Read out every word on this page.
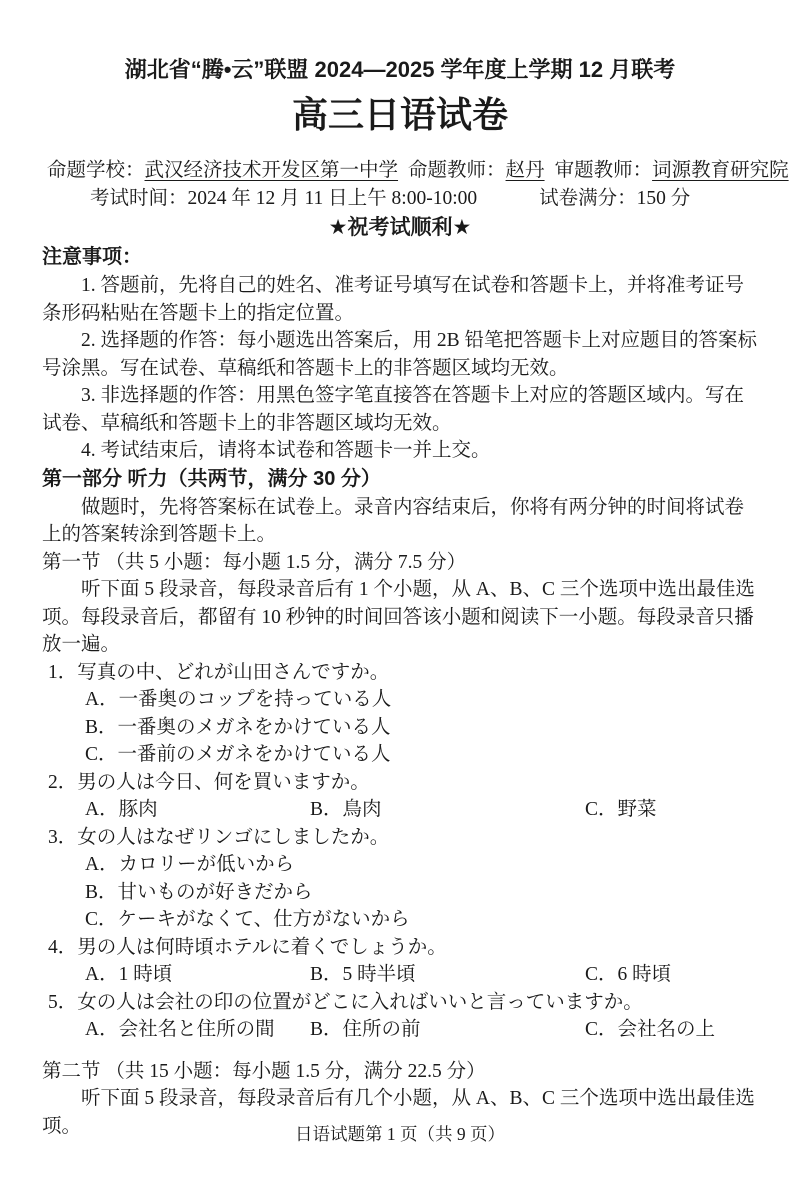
湖北省“腾•云”联盟 2024—2025 学年度上学期 12 月联考
高三日语试卷
命题学校：武汉经济技术开发区第一中学 命题教师：赵丹 审题教师：词源教育研究院
考试时间：2024 年 12 月 11 日上午 8:00-10:00	试卷满分：150 分
★祝考试顺利★
注意事项：

1. 答题前，先将自己的姓名、准考证号填写在试卷和答题卡上，并将准考证号条形码粘贴在答题卡上的指定位置。

2. 选择题的作答：每小题选出答案后，用 2B 铅笔把答题卡上对应题目的答案标号涂黑。写在试卷、草稿纸和答题卡上的非答题区域均无效。

3. 非选择题的作答：用黑色签字笔直接答在答题卡上对应的答题区域内。写在试卷、草稿纸和答题卡上的非答题区域均无效。

4. 考试结束后，请将本试卷和答题卡一并上交。

第一部分 听力（共两节，满分 30 分）

做题时，先将答案标在试卷上。录音内容结束后，你将有两分钟的时间将试卷上的答案转涂到答题卡上。

第一节 （共 5 小题：每小题 1.5 分，满分 7.5 分）

听下面 5 段录音，每段录音后有 1 个小题，从 A、B、C 三个选项中选出最佳选项。每段录音后，都留有 10 秒钟的时间回答该小题和阅读下一小题。每段录音只播放一遍。

1．写真の中、どれが山田さんですか。
A．一番奥のコップを持っている人
B．一番奥のメガネをかけている人
C．一番前のメガネをかけている人
2．男の人は今日、何を買いますか。
A．豚肉	B．鳥肉	C．野菜
3．女の人はなぜリンゴにしましたか。
A．カロリーが低いから
B．甘いものが好きだから
C．ケーキがなくて、仕方がないから
4．男の人は何時頃ホテルに着くでしょうか。
A．1 時頃	B．5 時半頃	C．6 時頃
5．女の人は会社の印の位置がどこに入ればいいと言っていますか。
A．会社名と住所の間 B．住所の前	C．会社名の上
第二节 （共 15 小题：每小题 1.5 分，满分 22.5 分）

听下面 5 段录音，每段录音后有几个小题，从 A、B、C 三个选项中选出最佳选项。	日语试题第 1 页（共 9 页）
